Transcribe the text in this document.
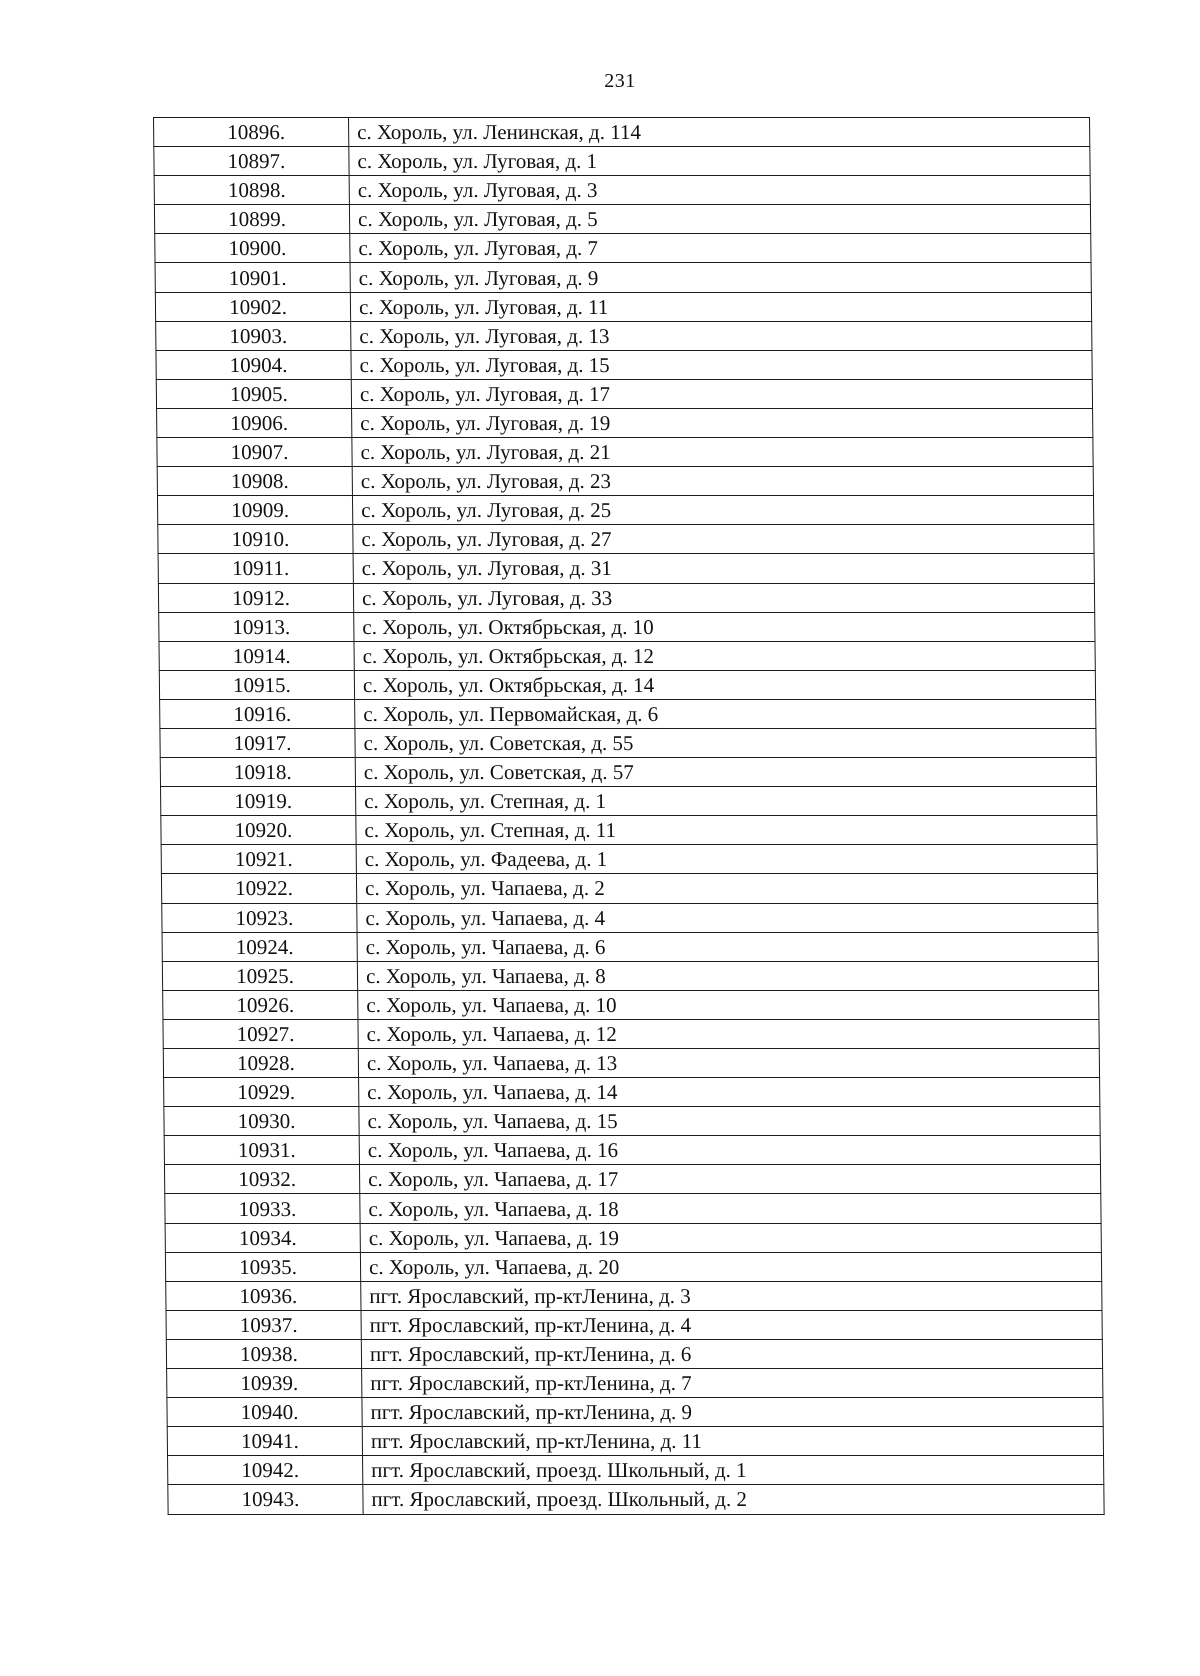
231
10896.	с. Хороль, ул. Ленинская, д. 114
10897.	с. Хороль, ул. Луговая, д. 1
10898.	с. Хороль, ул. Луговая, д. 3
10899.	с. Хороль, ул. Луговая, д. 5
10900.	с. Хороль, ул. Луговая, д. 7
10901.	с. Хороль, ул. Луговая, д. 9
10902.	с. Хороль, ул. Луговая, д. 11
10903.	с. Хороль, ул. Луговая, д. 13
10904.	с. Хороль, ул. Луговая, д. 15
10905.	с. Хороль, ул. Луговая, д. 17
10906.	с. Хороль, ул. Луговая, д. 19
10907.	с. Хороль, ул. Луговая, д. 21
10908.	с. Хороль, ул. Луговая, д. 23
10909.	с. Хороль, ул. Луговая, д. 25
10910.	с. Хороль, ул. Луговая, д. 27
10911.	с. Хороль, ул. Луговая, д. 31
10912.	с. Хороль, ул. Луговая, д. 33
10913.	с. Хороль, ул. Октябрьская, д. 10
10914.	с. Хороль, ул. Октябрьская, д. 12
10915.	с. Хороль, ул. Октябрьская, д. 14
10916.	с. Хороль, ул. Первомайская, д. 6
10917.	с. Хороль, ул. Советская, д. 55
10918.	с. Хороль, ул. Советская, д. 57
10919.	с. Хороль, ул. Степная, д. 1
10920.	с. Хороль, ул. Степная, д. 11
10921.	с. Хороль, ул. Фадеева, д. 1
10922.	с. Хороль, ул. Чапаева, д. 2
10923.	с. Хороль, ул. Чапаева, д. 4
10924.	с. Хороль, ул. Чапаева, д. 6
10925.	с. Хороль, ул. Чапаева, д. 8
10926.	с. Хороль, ул. Чапаева, д. 10
10927.	с. Хороль, ул. Чапаева, д. 12
10928.	с. Хороль, ул. Чапаева, д. 13
10929.	с. Хороль, ул. Чапаева, д. 14
10930.	с. Хороль, ул. Чапаева, д. 15
10931.	с. Хороль, ул. Чапаева, д. 16
10932.	с. Хороль, ул. Чапаева, д. 17
10933.	с. Хороль, ул. Чапаева, д. 18
10934.	с. Хороль, ул. Чапаева, д. 19
10935.	с. Хороль, ул. Чапаева, д. 20
10936.	пгт. Ярославский, пр-ктЛенина, д. 3
10937.	пгт. Ярославский, пр-ктЛенина, д. 4
10938.	пгт. Ярославский, пр-ктЛенина, д. 6
10939.	пгт. Ярославский, пр-ктЛенина, д. 7
10940.	пгт. Ярославский, пр-ктЛенина, д. 9
10941.	пгт. Ярославский, пр-ктЛенина, д. 11
10942.	пгт. Ярославский, проезд. Школьный, д. 1
10943.	пгт. Ярославский, проезд. Школьный, д. 2
